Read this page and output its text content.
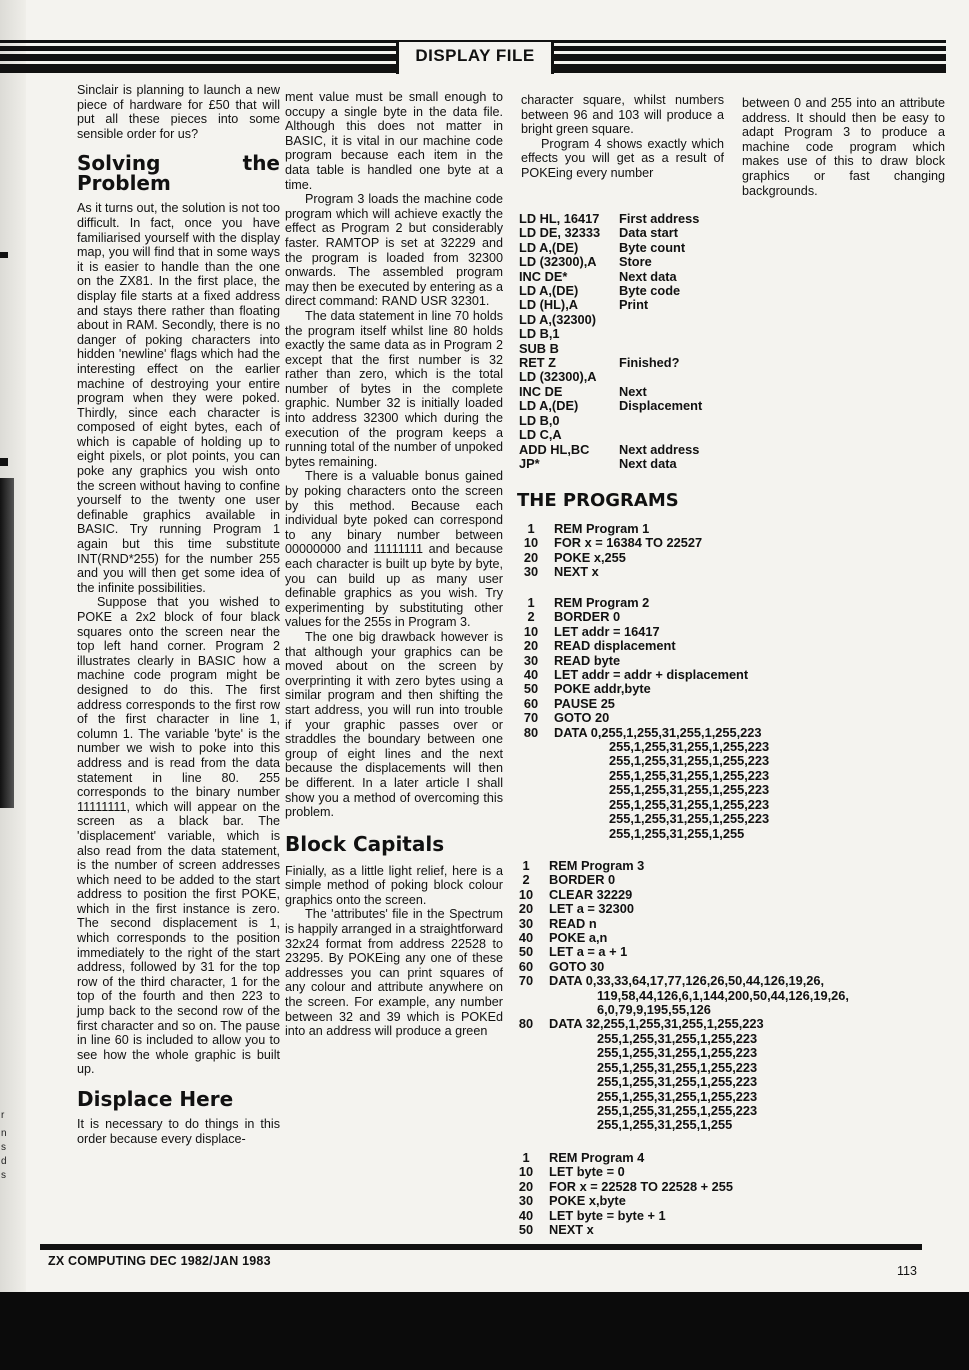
r
n
s
d
s
DISPLAY FILE

Sinclair is planning to launch a new piece of hardware for £50 that will put all these pieces into some sensible order for us?

Solving the Problem

As it turns out, the solution is not too difficult. In fact, once you have familiarised yourself with the display map, you will find that in some ways it is easier to handle than the one on the ZX81. In the first place, the display file starts at a fixed address and stays there rather than floating about in RAM. Secondly, there is no danger of poking characters into hidden 'newline' flags which had the interesting effect on the earlier machine of destroying your entire program when they were poked. Thirdly, since each character is composed of eight bytes, each of which is capable of holding up to eight pixels, or plot points, you can poke any graphics you wish onto the screen without having to confine yourself to the twenty one user definable graphics available in BASIC. Try running Program 1 again but this time substitute INT(RND*255) for the number 255 and you will then get some idea of the infinite possibilities.

Suppose that you wished to POKE a 2x2 block of four black squares onto the screen near the top left hand corner. Program 2 illustrates clearly in BASIC how a machine code program might be designed to do this. The first address corresponds to the first row of the first character in line 1, column 1. The variable 'byte' is the number we wish to poke into this address and is read from the data statement in line 80. 255 corresponds to the binary number 11111111, which will appear on the screen as a black bar. The 'displacement' variable, which is also read from the data statement, is the number of screen addresses which need to be added to the start address to position the first POKE, which in the first instance is zero. The second displacement is 1, which corresponds to the position immediately to the right of the start address, followed by 31 for the top row of the third character, 1 for the top of the fourth and then 223 to jump back to the second row of the first character and so on. The pause in line 60 is included to allow you to see how the whole graphic is built up.

Displace Here

It is necessary to do things in this order because every displace-

ment value must be small enough to occupy a single byte in the data file. Although this does not matter in BASIC, it is vital in our machine code program because each item in the data table is handled one byte at a time.

Program 3 loads the machine code program which will achieve exactly the effect as Program 2 but considerably faster. RAMTOP is set at 32229 and the program is loaded from 32300 onwards. The assembled program may then be executed by entering as a direct command: RAND USR 32301.

The data statement in line 70 holds the program itself whilst line 80 holds exactly the same data as in Program 2 except that the first number is 32 rather than zero, which is the total number of bytes in the complete graphic. Number 32 is initially loaded into address 32300 which during the execution of the program keeps a running total of the number of unpoked bytes remaining.

There is a valuable bonus gained by poking characters onto the screen by this method. Because each individual byte poked can correspond to any binary number between 00000000 and 11111111 and because each character is built up byte by byte, you can build up as many user definable graphics as you wish. Try experimenting by substituting other values for the 255s in Program 3.

The one big drawback however is that although your graphics can be moved about on the screen by overprinting it with zero bytes using a similar program and then shifting the start address, you will run into trouble if your graphic passes over or straddles the boundary between one group of eight lines and the next because the displacements will then be different. In a later article I shall show you a method of overcoming this problem.

Block Capitals

Finially, as a little light relief, here is a simple method of poking block colour graphics onto the screen.

The 'attributes' file in the Spectrum is happily arranged in a straightforward 32x24 format from address 22528 to 23295. By POKEing any one of these addresses you can print squares of any colour and attribute anywhere on the screen. For example, any number between 32 and 39 which is POKEd into an address will produce a green

character square, whilst numbers between 96 and 103 will produce a bright green square.

Program 4 shows exactly which effects you will get as a result of POKEing every number

between 0 and 255 into an attribute address. It should then be easy to adapt Program 3 to produce a machine code program which makes use of this to draw block graphics or fast changing backgrounds.

LD HL, 16417	First address
LD DE, 32333	Data start
LD A,(DE)	Byte count
LD (32300),A	Store
INC DE*	Next data
LD A,(DE)	Byte code
LD (HL),A	Print
LD A,(32300)
LD B,1
SUB B
RET Z	Finished?
LD (32300),A
INC DE	Next
LD A,(DE)	Displacement
LD B,0
LD C,A
ADD HL,BC	Next address
JP*	Next data
THE PROGRAMS
1	REM Program 1
10	FOR x = 16384 TO 22527
20	POKE x,255
30	NEXT x
1	REM Program 2
2	BORDER 0
10	LET addr = 16417
20	READ displacement
30	READ byte
40	LET addr = addr + displacement
50	POKE addr,byte
60	PAUSE 25
70	GOTO 20
80	DATA 0,255,1,255,31,255,1,255,223
255,1,255,31,255,1,255,223
255,1,255,31,255,1,255,223
255,1,255,31,255,1,255,223
255,1,255,31,255,1,255,223
255,1,255,31,255,1,255,223
255,1,255,31,255,1,255,223
255,1,255,31,255,1,255
1	REM Program 3
2	BORDER 0
10	CLEAR 32229
20	LET a = 32300
30	READ n
40	POKE a,n
50	LET a = a + 1
60	GOTO 30
70	DATA 0,33,33,64,17,77,126,26,50,44,126,19,26,
119,58,44,126,6,1,144,200,50,44,126,19,26,
6,0,79,9,195,55,126
80	DATA 32,255,1,255,31,255,1,255,223
255,1,255,31,255,1,255,223
255,1,255,31,255,1,255,223
255,1,255,31,255,1,255,223
255,1,255,31,255,1,255,223
255,1,255,31,255,1,255,223
255,1,255,31,255,1,255,223
255,1,255,31,255,1,255
1	REM Program 4
10	LET byte = 0
20	FOR x = 22528 TO 22528 + 255
30	POKE x,byte
40	LET byte = byte + 1
50	NEXT x
ZX COMPUTING DEC 1982/JAN 1983
113
